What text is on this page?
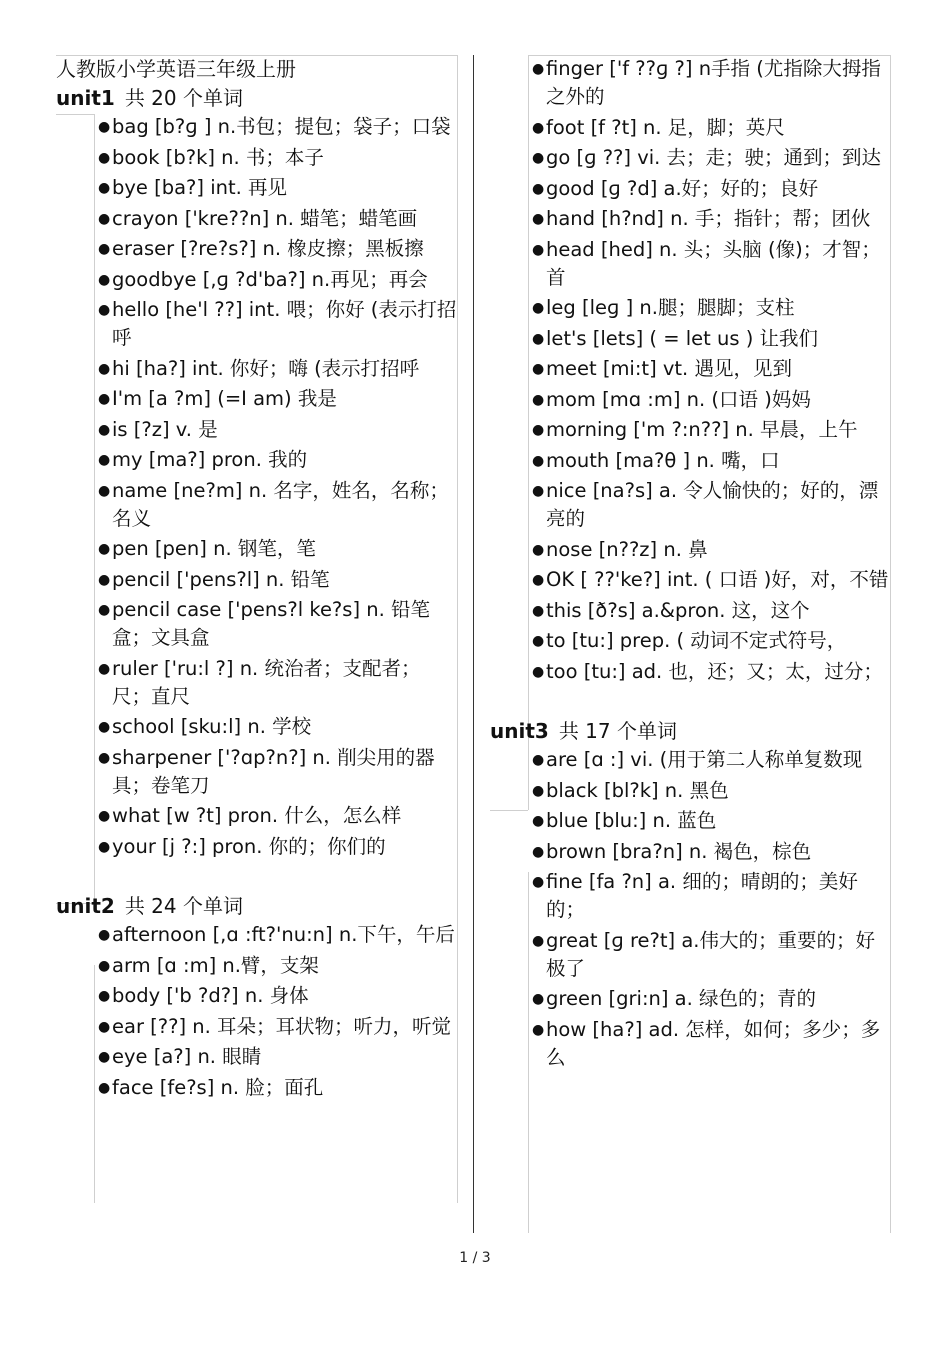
人教版小学英语三年级上册
unit1 共 20 个单词
●bag [b?ɡ ] n.书包；提包；袋子；口袋
●book [b?k] n. 书；本子
●bye [ba?] int. 再见
●crayon ['kre??n] n. 蜡笔；蜡笔画
●eraser [?re?s?] n. 橡皮擦；黑板擦
●goodbye [,ɡ ?d'ba?] n.再见；再会
●hello [he'l ??] int. 喂；你好 (表示打招呼
●hi [ha?] int. 你好；嗨 (表示打招呼
●I'm [a ?m] (=I am) 我是
●is [?z] v. 是
●my [ma?] pron. 我的
●name [ne?m] n. 名字，姓名，名称；名义
●pen [pen] n. 钢笔，笔
●pencil ['pens?l] n. 铅笔
●pencil case ['pens?l ke?s] n. 铅笔盒；文具盒
●ruler ['ru:l ?] n. 统治者；支配者；尺；直尺
●school [sku:l] n. 学校
●sharpener ['?ɑp?n?] n. 削尖用的器具；卷笔刀
●what [w ?t] pron. 什么，怎么样
●your [j ?:] pron. 你的；你们的
unit2 共 24 个单词
●afternoon [,ɑ :ft?'nu:n] n.下午，午后
●arm [ɑ :m] n.臂，支架
●body ['b ?d?] n. 身体
●ear [??] n. 耳朵；耳状物；听力，听觉
●eye [a?] n. 眼睛
●face [fe?s] n. 脸；面孔
●finger ['f ??ɡ ?] n手指 (尤指除大拇指之外的
●foot [f ?t] n. 足，脚；英尺
●go [ɡ ??] vi. 去；走；驶；通到；到达
●good [ɡ ?d] a.好；好的；良好
●hand [h?nd] n. 手；指针；帮；团伙
●head [hed] n. 头；头脑 (像)；才智；首
●leg [leɡ ] n.腿；腿脚；支柱
●let's [lets] ( = let us ) 让我们
●meet [mi:t] vt. 遇见，见到
●mom [mɑ :m] n. (口语 )妈妈
●morning ['m ?:n??] n. 早晨，上午
●mouth [ma?θ ] n. 嘴，口
●nice [na?s] a. 令人愉快的；好的，漂亮的
●nose [n??z] n. 鼻
●OK [ ??'ke?] int. ( 口语 )好，对，不错
●this [ð?s] a.&pron. 这，这个
●to [tu:] prep. ( 动词不定式符号，
●too [tu:] ad. 也，还；又；太，过分；
unit3 共 17 个单词
●are [ɑ :] vi. (用于第二人称单复数现
●black [bl?k] n. 黑色
●blue [blu:] n. 蓝色
●brown [bra?n] n. 褐色，棕色
●fine [fa ?n] a. 细的；晴朗的；美好的；
●great [ɡ re?t] a.伟大的；重要的；好极了
●green [gri:n] a. 绿色的；青的
●how [ha?] ad. 怎样，如何；多少；多么
1 / 3
